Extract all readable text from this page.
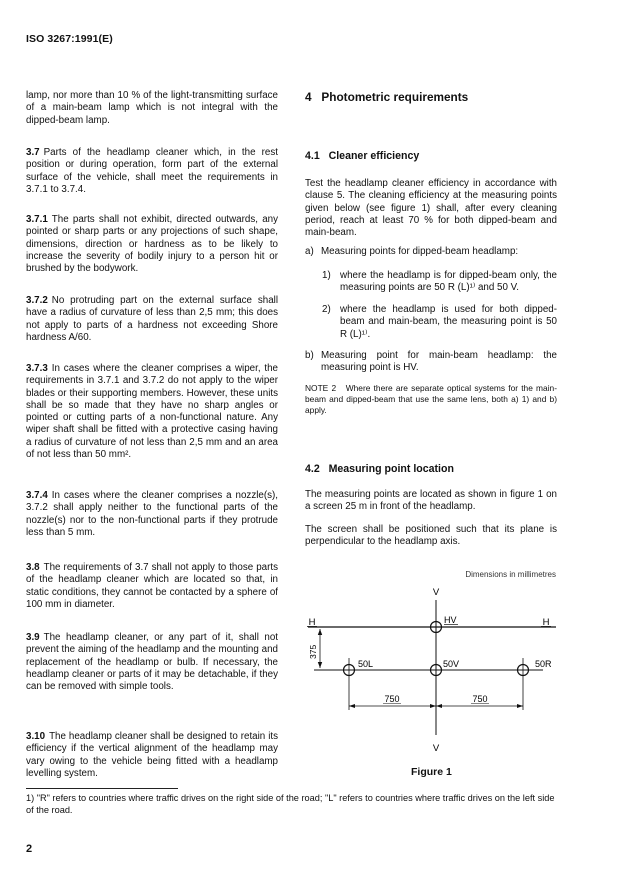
ISO 3267:1991(E)

lamp, nor more than 10 % of the light-transmitting surface of a main-beam lamp which is not integral with the dipped-beam lamp.

3.7 Parts of the headlamp cleaner which, in the rest position or during operation, form part of the external surface of the vehicle, shall meet the requirements in 3.7.1 to 3.7.4.

3.7.1 The parts shall not exhibit, directed outwards, any pointed or sharp parts or any projections of such shape, dimensions, direction or hardness as to be likely to increase the severity of bodily injury to a person hit or brushed by the bodywork.

3.7.2 No protruding part on the external surface shall have a radius of curvature of less than 2,5 mm; this does not apply to parts of a hardness not exceeding Shore hardness A/60.

3.7.3 In cases where the cleaner comprises a wiper, the requirements in 3.7.1 and 3.7.2 do not apply to the wiper blades or their supporting members. However, these units shall be so made that they have no sharp angles or pointed or cutting parts of a non-functional nature. Any wiper shaft shall be fitted with a protective casing having a radius of curvature of not less than 2,5 mm and an area of not less than 50 mm².

3.7.4 In cases where the cleaner comprises a nozzle(s), 3.7.2 shall apply neither to the functional parts of the nozzle(s) nor to the non-functional parts if they protrude less than 5 mm.

3.8 The requirements of 3.7 shall not apply to those parts of the headlamp cleaner which are located so that, in static conditions, they cannot be contacted by a sphere of 100 mm in diameter.

3.9 The headlamp cleaner, or any part of it, shall not prevent the aiming of the headlamp and the mounting and replacement of the headlamp or bulb. If necessary, the headlamp cleaner or parts of it may be detachable, if they can be removed with simple tools.

3.10 The headlamp cleaner shall be designed to retain its efficiency if the vertical alignment of the headlamp may vary owing to the vehicle being fitted with a headlamp levelling system.

4 Photometric requirements
4.1 Cleaner efficiency

Test the headlamp cleaner efficiency in accordance with clause 5. The cleaning efficiency at the measuring points given below (see figure 1) shall, after every cleaning period, reach at least 70 % for both dipped-beam and main-beam.

a) Measuring points for dipped-beam headlamp:
1) where the headlamp is for dipped-beam only, the measuring points are 50 R (L)¹⁾ and 50 V.
2) where the headlamp is used for both dipped-beam and main-beam, the measuring point is 50 R (L)¹⁾.
b) Measuring point for main-beam headlamp: the measuring point is HV.

NOTE 2 Where there are separate optical systems for the main-beam and dipped-beam that use the same lens, both a) 1) and b) apply.

4.2 Measuring point location

The measuring points are located as shown in figure 1 on a screen 25 m in front of the headlamp.

The screen shall be positioned such that its plane is perpendicular to the headlamp axis.

Dimensions in millimetres
V
V
H	H
HV
375
50L	50V	50R
750	750
Figure 1
1) "R" refers to countries where traffic drives on the right side of the road; "L" refers to countries where traffic drives on the left side of the road.
2
